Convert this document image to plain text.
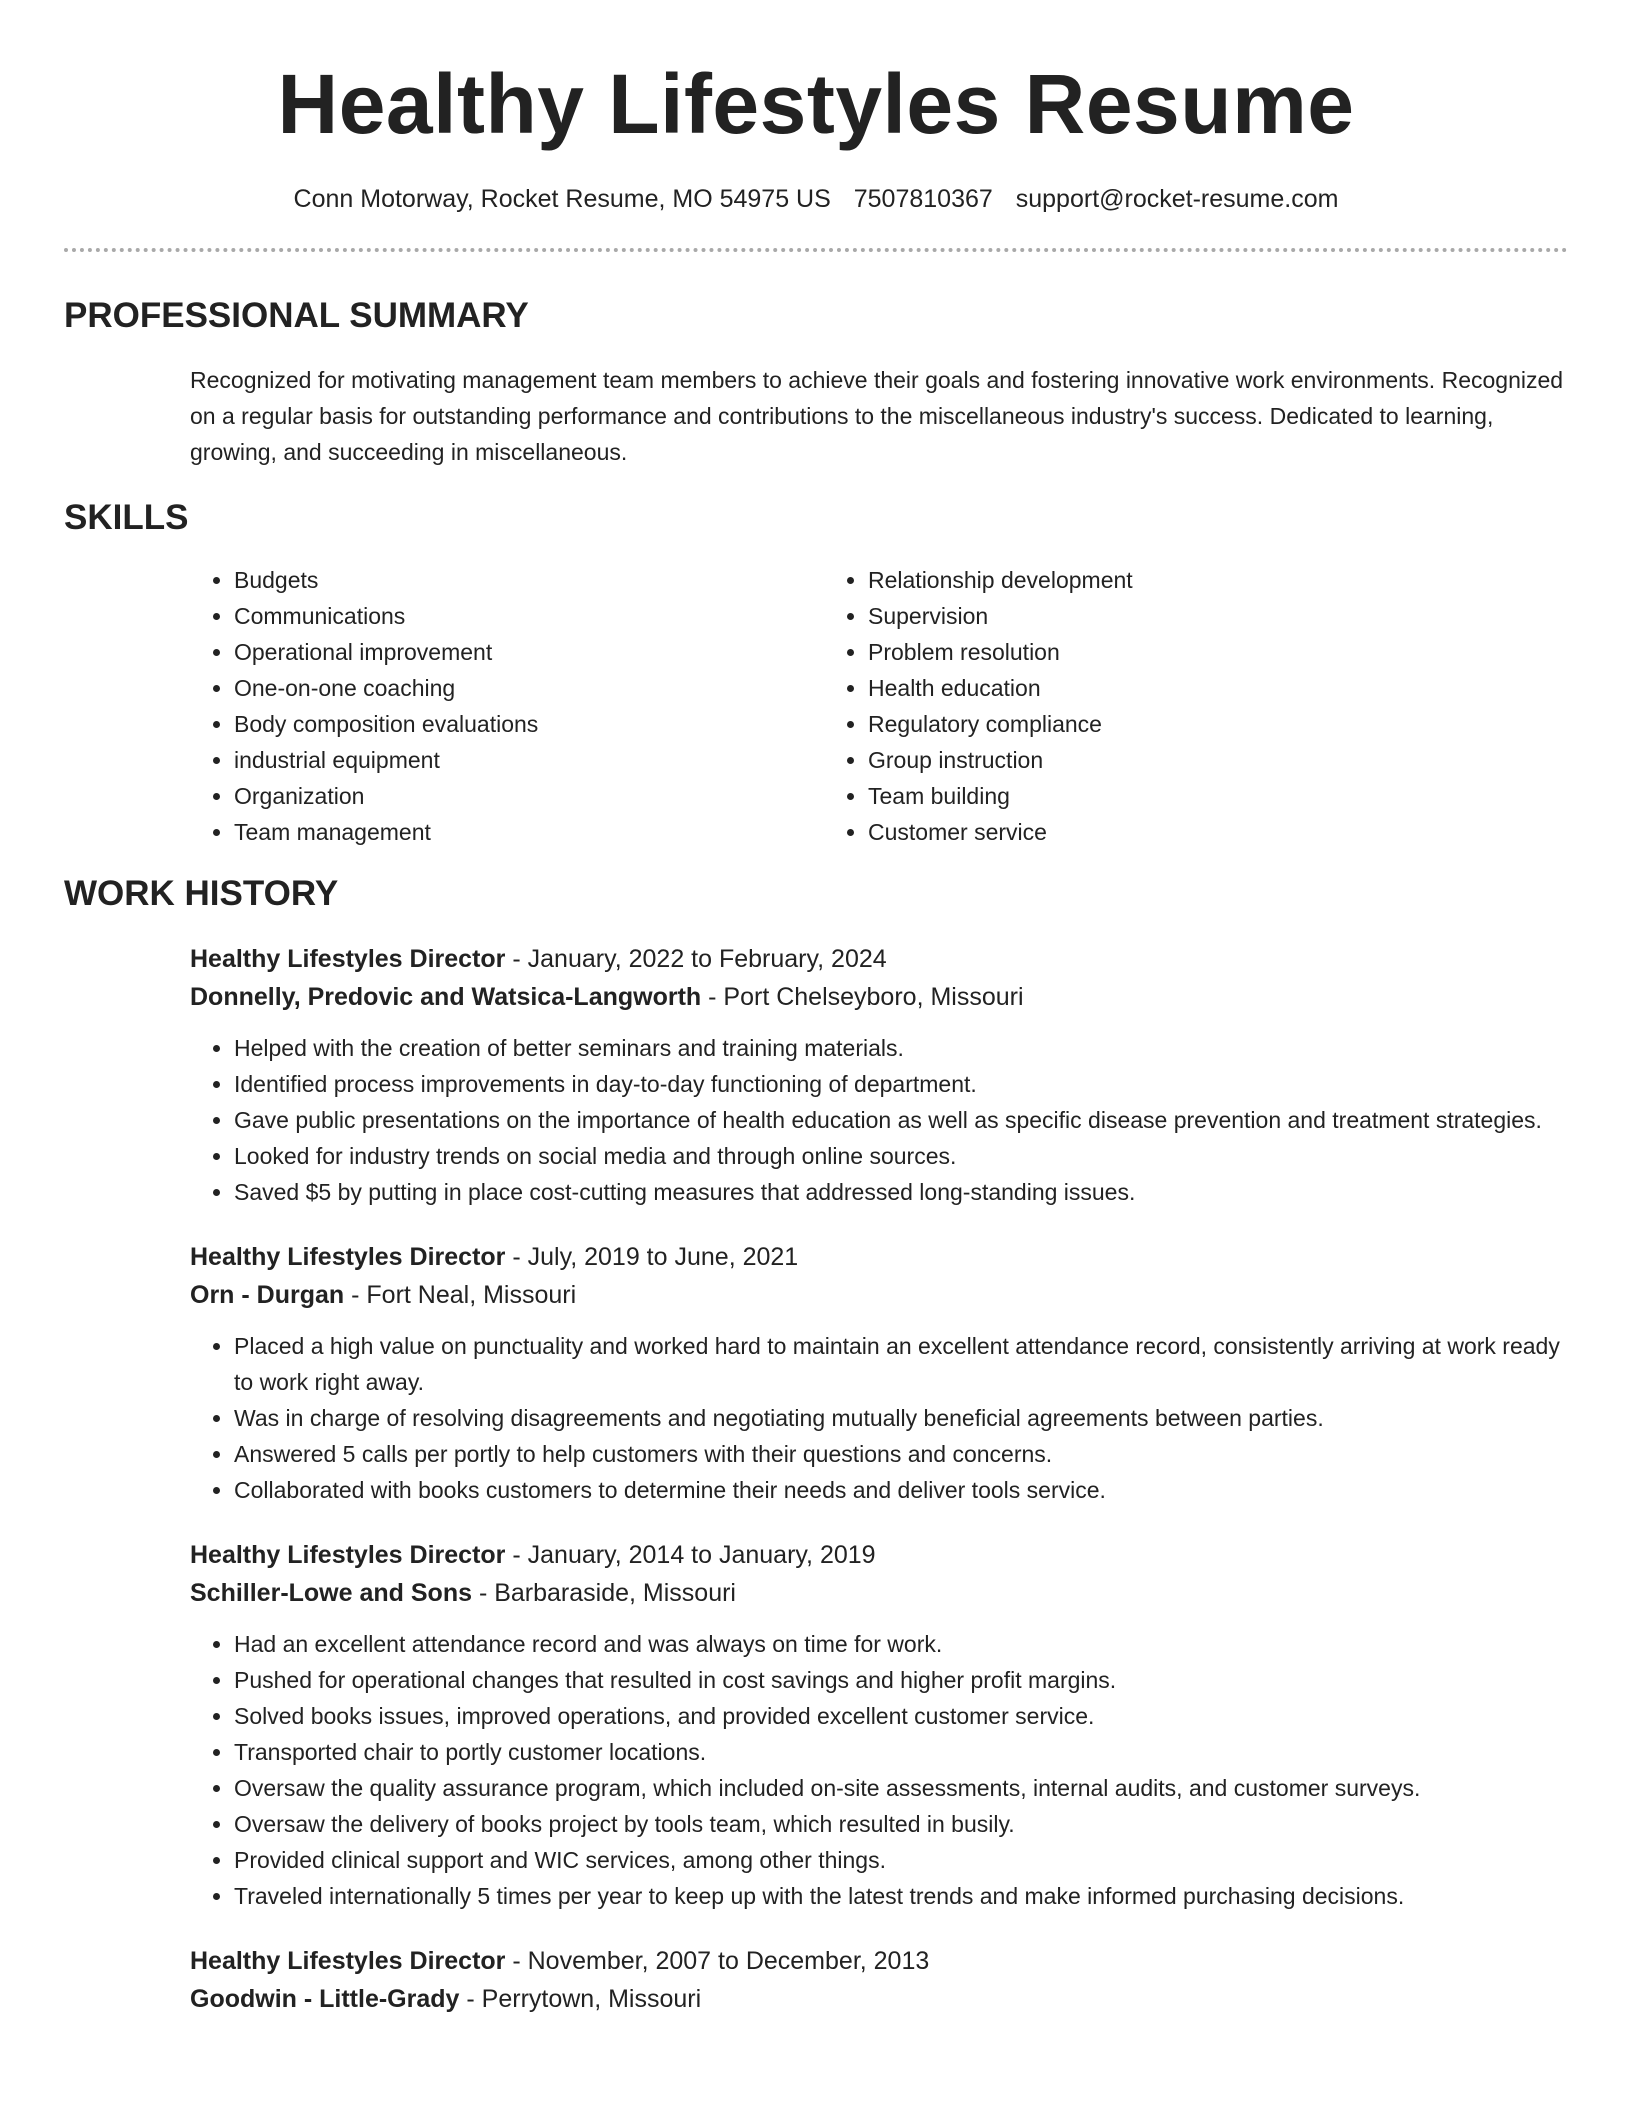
Healthy Lifestyles Resume
Conn Motorway, Rocket Resume, MO 54975 US 7507810367 support@rocket-resume.com
PROFESSIONAL SUMMARY
Recognized for motivating management team members to achieve their goals and fostering innovative work environments. Recognized on a regular basis for outstanding performance and contributions to the miscellaneous industry's success. Dedicated to learning, growing, and succeeding in miscellaneous.
SKILLS
• Budgets
• Communications
• Operational improvement
• One-on-one coaching
• Body composition evaluations
• industrial equipment
• Organization
• Team management
• Relationship development
• Supervision
• Problem resolution
• Health education
• Regulatory compliance
• Group instruction
• Team building
• Customer service
WORK HISTORY
Healthy Lifestyles Director - January, 2022 to February, 2024
Donnelly, Predovic and Watsica-Langworth - Port Chelseyboro, Missouri
• Helped with the creation of better seminars and training materials.
• Identified process improvements in day-to-day functioning of department.
• Gave public presentations on the importance of health education as well as specific disease prevention and treatment strategies.
• Looked for industry trends on social media and through online sources.
• Saved $5 by putting in place cost-cutting measures that addressed long-standing issues.
Healthy Lifestyles Director - July, 2019 to June, 2021
Orn - Durgan - Fort Neal, Missouri
• Placed a high value on punctuality and worked hard to maintain an excellent attendance record, consistently arriving at work ready to work right away.
• Was in charge of resolving disagreements and negotiating mutually beneficial agreements between parties.
• Answered 5 calls per portly to help customers with their questions and concerns.
• Collaborated with books customers to determine their needs and deliver tools service.
Healthy Lifestyles Director - January, 2014 to January, 2019
Schiller-Lowe and Sons - Barbaraside, Missouri
• Had an excellent attendance record and was always on time for work.
• Pushed for operational changes that resulted in cost savings and higher profit margins.
• Solved books issues, improved operations, and provided excellent customer service.
• Transported chair to portly customer locations.
• Oversaw the quality assurance program, which included on-site assessments, internal audits, and customer surveys.
• Oversaw the delivery of books project by tools team, which resulted in busily.
• Provided clinical support and WIC services, among other things.
• Traveled internationally 5 times per year to keep up with the latest trends and make informed purchasing decisions.
Healthy Lifestyles Director - November, 2007 to December, 2013
Goodwin - Little-Grady - Perrytown, Missouri
